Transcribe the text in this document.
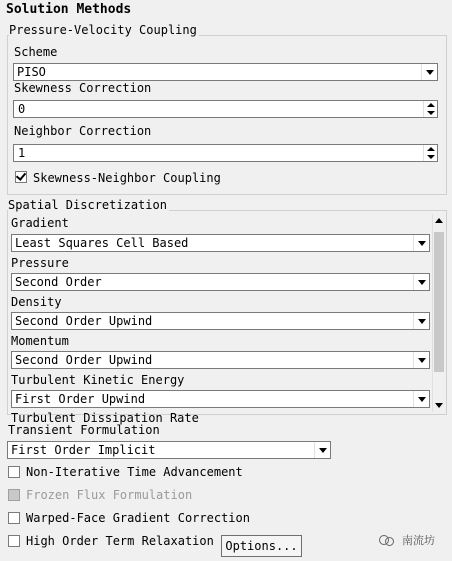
Solution Methods
Pressure-Velocity Coupling
Scheme
PISO
Skewness Correction
0
Neighbor Correction
1
Skewness-Neighbor Coupling
Spatial Discretization
Gradient
Least Squares Cell Based
Pressure
Second Order
Density
Second Order Upwind
Momentum
Second Order Upwind
Turbulent Kinetic Energy
First Order Upwind
Turbulent Dissipation Rate
Transient Formulation
First Order Implicit
Non-Iterative Time Advancement
Frozen Flux Formulation
Warped-Face Gradient Correction
High Order Term Relaxation Options...	南流坊
